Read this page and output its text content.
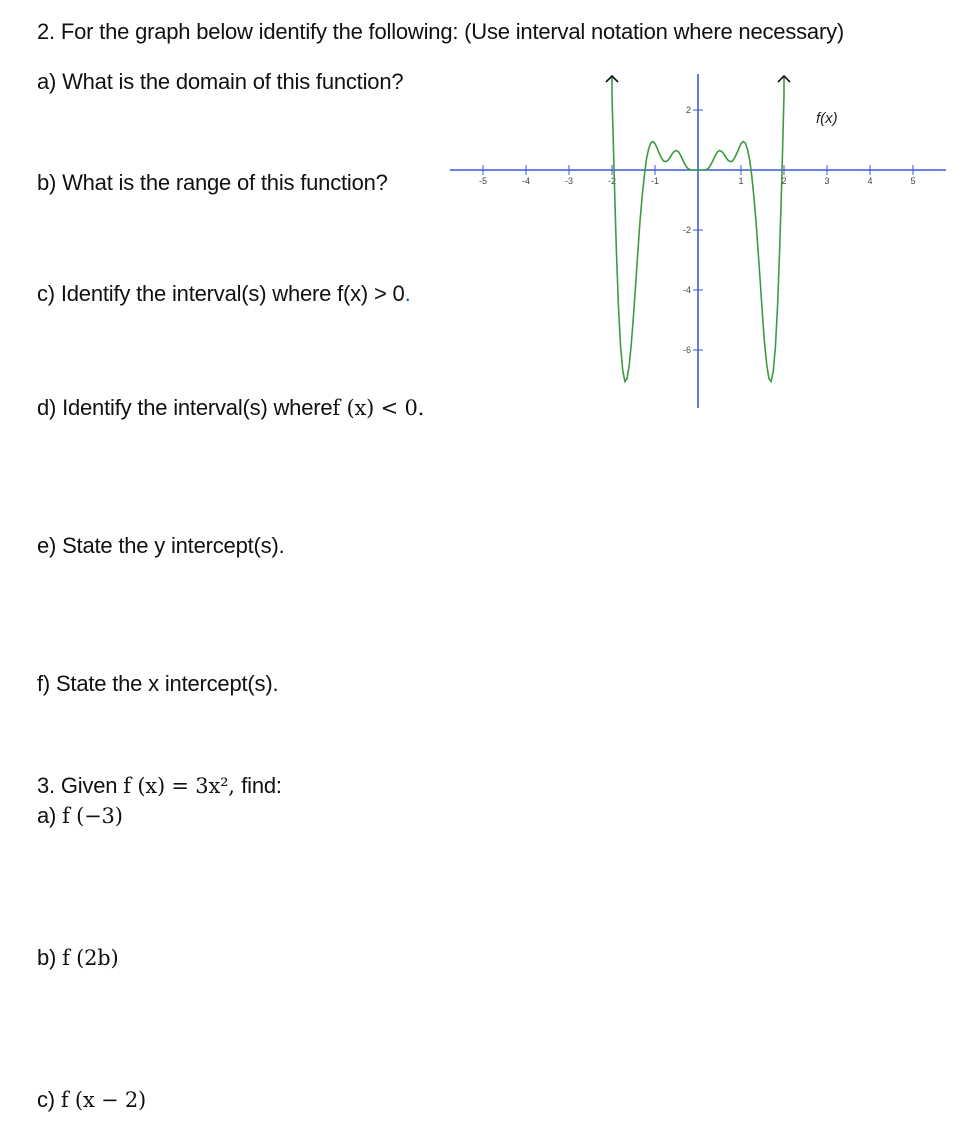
2. For the graph below identify the following: (Use interval notation where necessary)
a) What is the domain of this function?
b) What is the range of this function?
c) Identify the interval(s) where f(x) > 0.
d) Identify the interval(s) wheref (x) < 0.
e) State the y intercept(s).
f) State the x intercept(s).
3. Given f (x) = 3x², find:
a) f (−3)
b) f (2b)
c) f (x − 2)
-5	-4	-3	-2	-1	1	2	3	4	5
2
-2
-4
-6
f(x)
